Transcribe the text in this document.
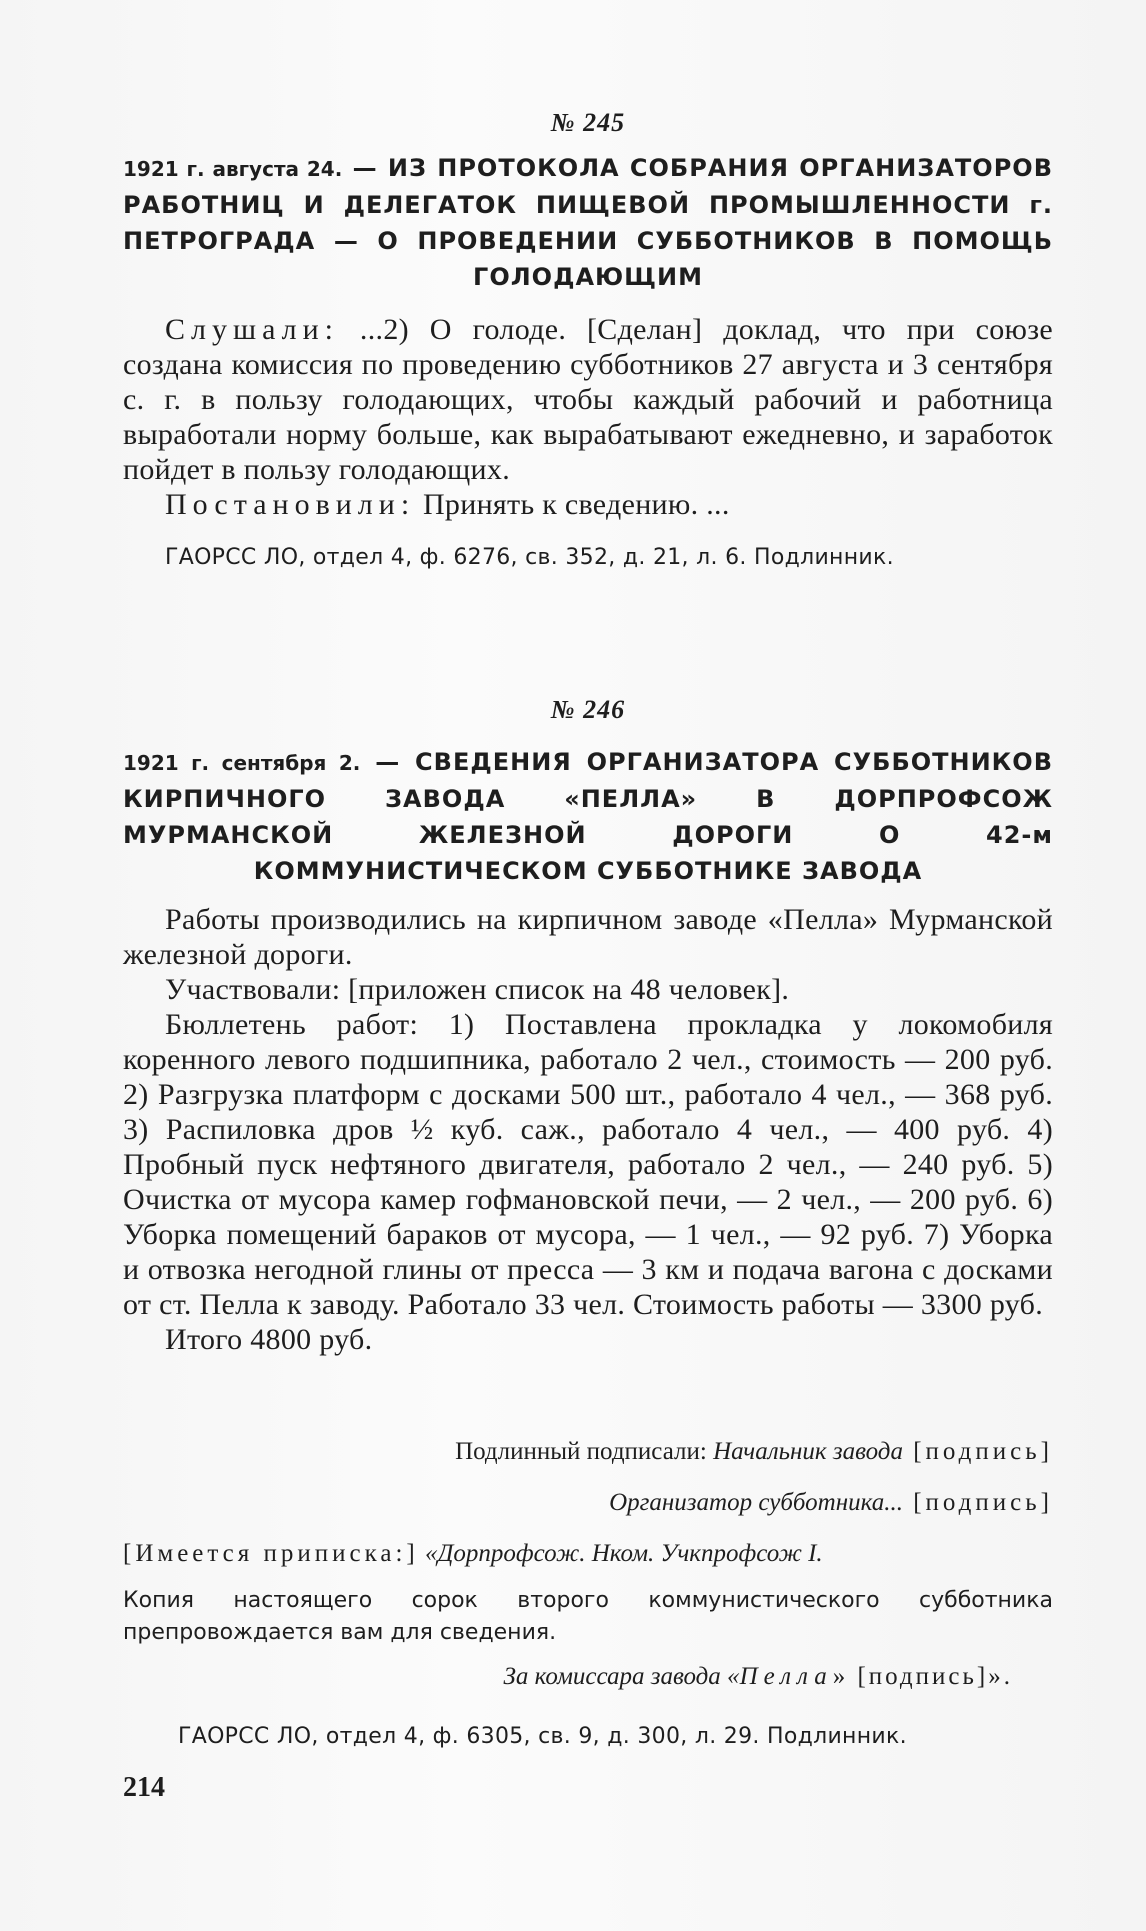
№ 245
1921 г. августа 24. — ИЗ ПРОТОКОЛА СОБРАНИЯ ОРГАНИЗАТОРОВ РАБОТНИЦ И ДЕЛЕГАТОК ПИЩЕВОЙ ПРОМЫШЛЕННОСТИ г. ПЕТРОГРАДА — О ПРОВЕДЕНИИ СУББОТНИКОВ В ПОМОЩЬ ГОЛОДАЮЩИМ

Слушали: ...2) О голоде. [Сделан] доклад, что при союзе создана комиссия по проведению субботников 27 августа и 3 сентября с. г. в пользу голодающих, чтобы каждый рабочий и работница выработали норму больше, как вырабатывают ежедневно, и заработок пойдет в пользу голодающих.

Постановили: Принять к сведению. ...

ГАОРСС ЛО, отдел 4, ф. 6276, св. 352, д. 21, л. 6. Подлинник.
№ 246
1921 г. сентября 2. — СВЕДЕНИЯ ОРГАНИЗАТОРА СУББОТНИКОВ КИРПИЧНОГО ЗАВОДА «ПЕЛЛА» В ДОРПРОФСОЖ МУРМАНСКОЙ ЖЕЛЕЗНОЙ ДОРОГИ О 42-м КОММУНИСТИЧЕСКОМ СУББОТНИКЕ ЗАВОДА

Работы производились на кирпичном заводе «Пелла» Мурманской железной дороги.

Участвовали: [приложен список на 48 человек].

Бюллетень работ: 1) Поставлена прокладка у локомобиля коренного левого подшипника, работало 2 чел., стоимость — 200 руб. 2) Разгрузка платформ с досками 500 шт., работало 4 чел., — 368 руб. 3) Распиловка дров ½ куб. саж., работало 4 чел., — 400 руб. 4) Пробный пуск нефтяного двигателя, работало 2 чел., — 240 руб. 5) Очистка от мусора камер гофмановской печи, — 2 чел., — 200 руб. 6) Уборка помещений бараков от мусора, — 1 чел., — 92 руб. 7) Уборка и отвозка негодной глины от пресса — 3 км и подача вагона с досками от ст. Пелла к заводу. Работало 33 чел. Стоимость работы — 3300 руб.

Итого 4800 руб.

Подлинный подписали: Начальник завода [подпись]
Организатор субботника... [подпись]
[Имеется приписка:] «Дорпрофсож. Нком. Учкпрофсож I.
Копия настоящего сорок второго коммунистического субботника препровождается вам для сведения.
За комиссара завода «Пелла» [подпись]».
ГАОРСС ЛО, отдел 4, ф. 6305, св. 9, д. 300, л. 29. Подлинник.
214
